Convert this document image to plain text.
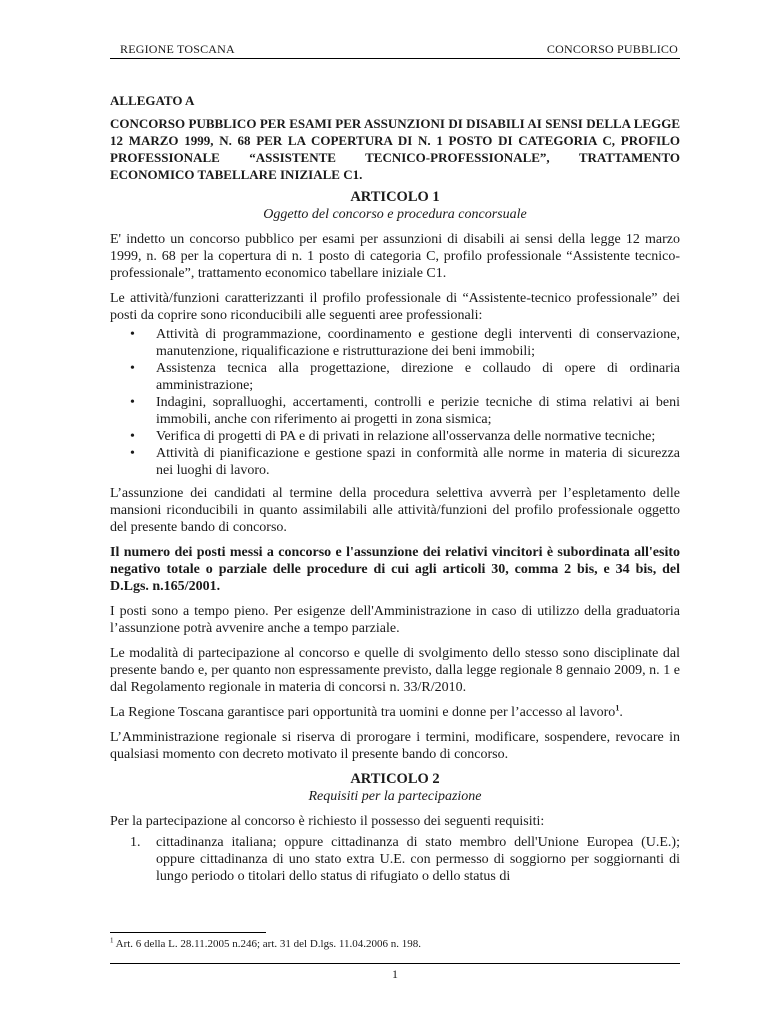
REGIONE TOSCANA	CONCORSO PUBBLICO
ALLEGATO A
CONCORSO PUBBLICO PER ESAMI PER ASSUNZIONI DI DISABILI AI SENSI DELLA LEGGE 12 MARZO 1999, N. 68 PER LA COPERTURA DI N. 1 POSTO DI CATEGORIA C, PROFILO PROFESSIONALE “ASSISTENTE TECNICO-PROFESSIONALE”, TRATTAMENTO ECONOMICO TABELLARE INIZIALE C1.
ARTICOLO 1
Oggetto del concorso e procedura concorsuale

E' indetto un concorso pubblico per esami per assunzioni di disabili ai sensi della legge 12 marzo 1999, n. 68 per la copertura di n. 1 posto di categoria C, profilo professionale “Assistente tecnico-professionale”, trattamento economico tabellare iniziale C1.

Le attività/funzioni caratterizzanti il profilo professionale di “Assistente-tecnico professionale” dei posti da coprire sono riconducibili alle seguenti aree professionali:

• Attività di programmazione, coordinamento e gestione degli interventi di conservazione, manutenzione, riqualificazione e ristrutturazione dei beni immobili;
• Assistenza tecnica alla progettazione, direzione e collaudo di opere di ordinaria amministrazione;
• Indagini, sopralluoghi, accertamenti, controlli e perizie tecniche di stima relativi ai beni immobili, anche con riferimento ai progetti in zona sismica;
• Verifica di progetti di PA e di privati in relazione all'osservanza delle normative tecniche;
• Attività di pianificazione e gestione spazi in conformità alle norme in materia di sicurezza nei luoghi di lavoro.

L’assunzione dei candidati al termine della procedura selettiva avverrà per l’espletamento delle mansioni riconducibili in quanto assimilabili alle attività/funzioni del profilo professionale oggetto del presente bando di concorso.

Il numero dei posti messi a concorso e l'assunzione dei relativi vincitori è subordinata all'esito negativo totale o parziale delle procedure di cui agli articoli 30, comma 2 bis, e 34 bis, del D.Lgs. n.165/2001.

I posti sono a tempo pieno. Per esigenze dell'Amministrazione in caso di utilizzo della graduatoria l’assunzione potrà avvenire anche a tempo parziale.

Le modalità di partecipazione al concorso e quelle di svolgimento dello stesso sono disciplinate dal presente bando e, per quanto non espressamente previsto, dalla legge regionale 8 gennaio 2009, n. 1 e dal Regolamento regionale in materia di concorsi n. 33/R/2010.

La Regione Toscana garantisce pari opportunità tra uomini e donne per l’accesso al lavoro$^1$.

L’Amministrazione regionale si riserva di prorogare i termini, modificare, sospendere, revocare in qualsiasi momento con decreto motivato il presente bando di concorso.

ARTICOLO 2
Requisiti per la partecipazione

Per la partecipazione al concorso è richiesto il possesso dei seguenti requisiti:

1. cittadinanza italiana; oppure cittadinanza di stato membro dell'Unione Europea (U.E.); oppure cittadinanza di uno stato extra U.E. con permesso di soggiorno per soggiornanti di lungo periodo o titolari dello status di rifugiato o dello status di
$^1$ Art. 6 della L. 28.11.2005 n.246; art. 31 del D.lgs. 11.04.2006 n. 198.
1
